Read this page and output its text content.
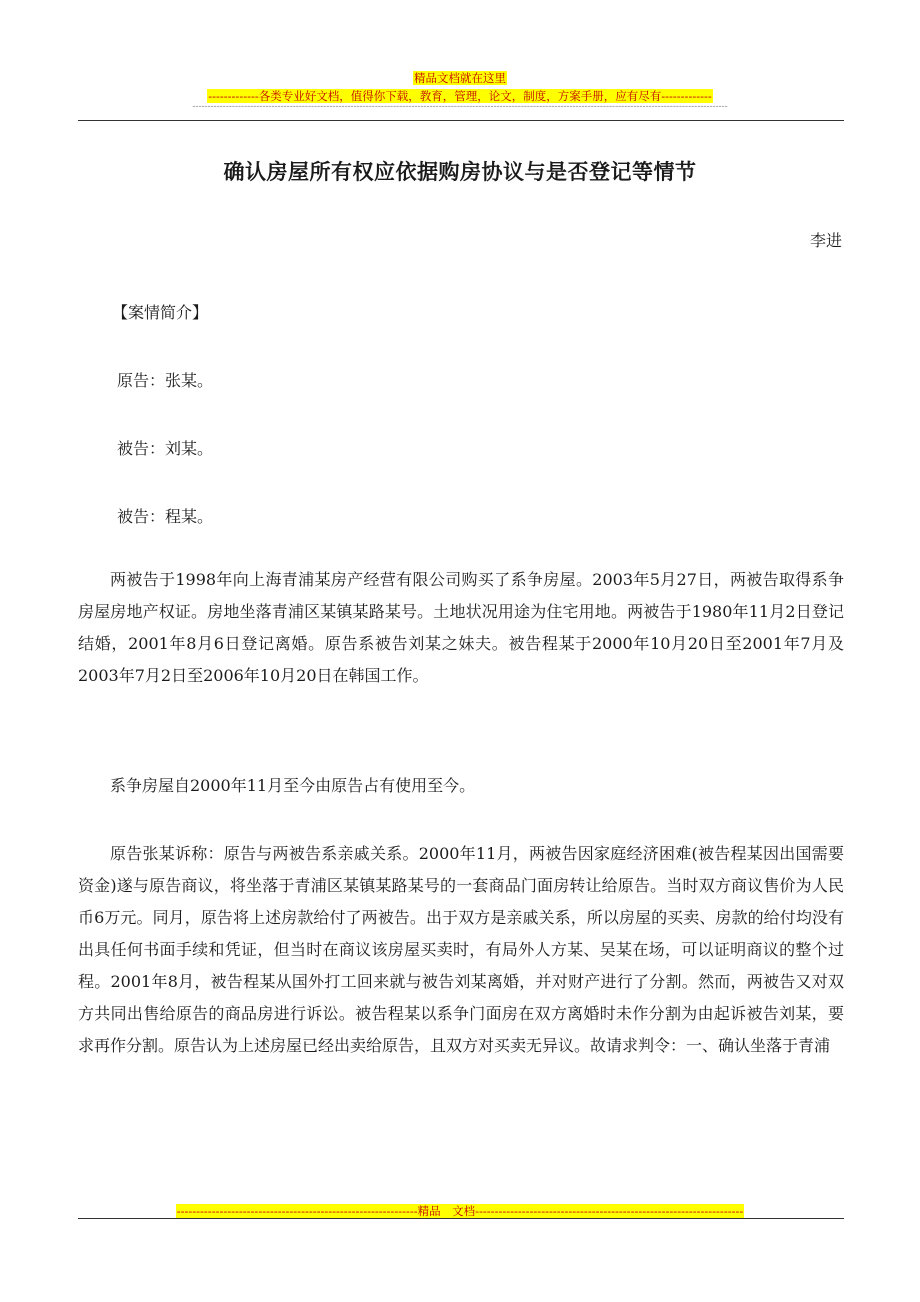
精品文档就在这里
-------------各类专业好文档，值得你下载，教育，管理，论文，制度，方案手册，应有尽有-------------
--------------------------------------------------------------------------------------------------------------------------------------------------------------------------------
确认房屋所有权应依据购房协议与是否登记等情节
李进
【案情简介】
原告：张某。
被告：刘某。
被告：程某。
两被告于1998年向上海青浦某房产经营有限公司购买了系争房屋。2003年5月27日，两被告取得系争房屋房地产权证。房地坐落青浦区某镇某路某号。土地状况用途为住宅用地。两被告于1980年11月2日登记结婚，2001年8月6日登记离婚。原告系被告刘某之妹夫。被告程某于2000年10月20日至2001年7月及2003年7月2日至2006年10月20日在韩国工作。
系争房屋自2000年11月至今由原告占有使用至今。
原告张某诉称：原告与两被告系亲戚关系。2000年11月，两被告因家庭经济困难(被告程某因出国需要资金)遂与原告商议，将坐落于青浦区某镇某路某号的一套商品门面房转让给原告。当时双方商议售价为人民币6万元。同月，原告将上述房款给付了两被告。出于双方是亲戚关系，所以房屋的买卖、房款的给付均没有出具任何书面手续和凭证，但当时在商议该房屋买卖时，有局外人方某、吴某在场，可以证明商议的整个过程。2001年8月，被告程某从国外打工回来就与被告刘某离婚，并对财产进行了分割。然而，两被告又对双方共同出售给原告的商品房进行诉讼。被告程某以系争门面房在双方离婚时未作分割为由起诉被告刘某，要求再作分割。原告认为上述房屋已经出卖给原告，且双方对买卖无异议。故请求判令：一、确认坐落于青浦
--------------------------------------------------------------精品　文档---------------------------------------------------------------------
